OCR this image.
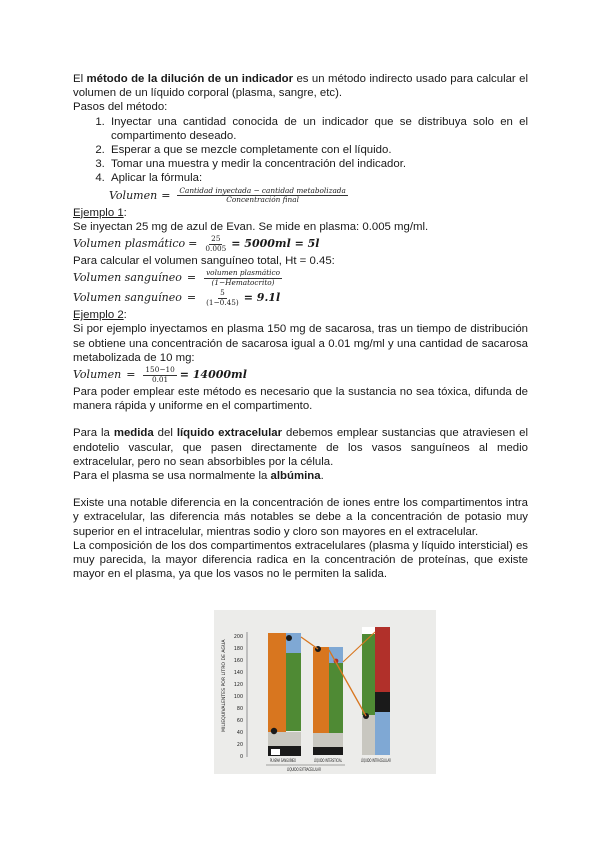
El método de la dilución de un indicador es un método indirecto usado para calcular el volumen de un líquido corporal (plasma, sangre, etc).

Pasos del método:

1. Inyectar una cantidad conocida de un indicador que se distribuya solo en el compartimento deseado.
2. Esperar a que se mezcle completamente con el líquido.
3. Tomar una muestra y medir la concentración del indicador.
4. Aplicar la fórmula:
Volumen = $\frac{\text{Cantidad inyectada − cantidad metabolizada}}{\text{Concentración final}}$

Ejemplo 1:

Se inyectan 25 mg de azul de Evan. Se mide en plasma: 0.005 mg/ml.

Volumen plasmático = $\frac{25}{0.005} = 5000ml = 5l$

Para calcular el volumen sanguíneo total, Ht = 0.45:

Volumen sanguíneo = $\frac{\text{volumen plasmático}}{\text{(1−Hematocrito)}}$
Volumen sanguíneo = $\frac{5}{(1-0.45)} = 9.1l$

Ejemplo 2:

Si por ejemplo inyectamos en plasma 150 mg de sacarosa, tras un tiempo de distribución se obtiene una concentración de sacarosa igual a 0.01 mg/ml y una cantidad de sacarosa metabolizada de 10 mg:

Volumen = $\frac{150-10}{0.01} = 14000ml$

Para poder emplear este método es necesario que la sustancia no sea tóxica, difunda de manera rápida y uniforme en el compartimento.

Para la medida del líquido extracelular debemos emplear sustancias que atraviesen el endotelio vascular, que pasen directamente de los vasos sanguíneos al medio extracelular, pero no sean absorbibles por la célula.

Para el plasma se usa normalmente la albúmina.

Existe una notable diferencia en la concentración de iones entre los compartimentos intra y extracelular, las diferencia más notables se debe a la concentración de potasio muy superior en el intracelular, mientras sodio y cloro son mayores en el extracelular.

La composición de los dos compartimentos extracelulares (plasma y líquido intersticial) es muy parecida, la mayor diferencia radica en la concentración de proteínas, que existe mayor en el plasma, ya que los vasos no le permiten la salida.

MILIEQUIVALENTES POR LITRO DE AGUA
200
180
160
140
120
100
80
60
40
20
0
PLASMA SANGUÍNEO	LÍQUIDO INTERSTICIAL	LÍQUIDO INTRACELULAR
LÍQUIDO EXTRACELULAR
